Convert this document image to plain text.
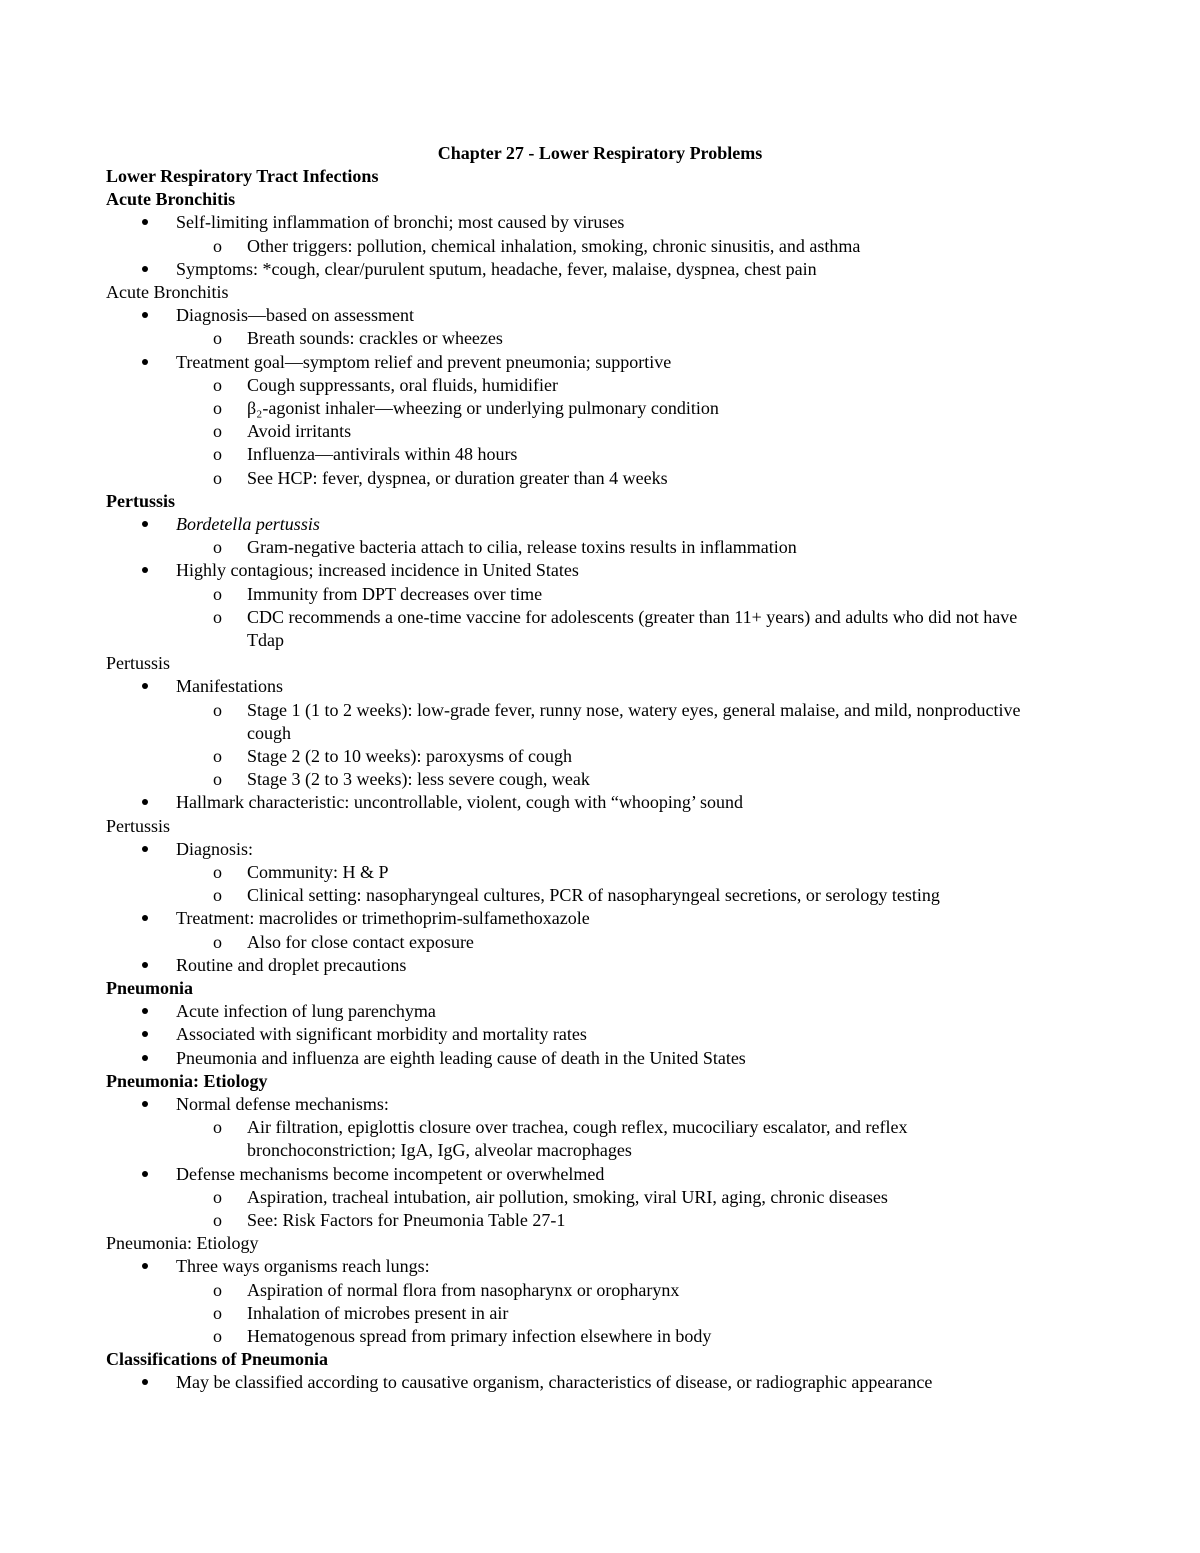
Chapter 27 - Lower Respiratory Problems
Lower Respiratory Tract Infections
Acute Bronchitis
Self-limiting inflammation of bronchi; most caused by viruses
o Other triggers: pollution, chemical inhalation, smoking, chronic sinusitis, and asthma
Symptoms: *cough, clear/purulent sputum, headache, fever, malaise, dyspnea, chest pain
Acute Bronchitis
Diagnosis—based on assessment
o Breath sounds: crackles or wheezes
Treatment goal—symptom relief and prevent pneumonia; supportive
o Cough suppressants, oral fluids, humidifier
o β₂-agonist inhaler—wheezing or underlying pulmonary condition
o Avoid irritants
o Influenza—antivirals within 48 hours
o See HCP: fever, dyspnea, or duration greater than 4 weeks
Pertussis
Bordetella pertussis
o Gram-negative bacteria attach to cilia, release toxins results in inflammation
Highly contagious; increased incidence in United States
o Immunity from DPT decreases over time
o CDC recommends a one-time vaccine for adolescents (greater than 11+ years) and adults who did not have
Tdap
Pertussis
Manifestations
o Stage 1 (1 to 2 weeks): low-grade fever, runny nose, watery eyes, general malaise, and mild, nonproductive
cough
o Stage 2 (2 to 10 weeks): paroxysms of cough
o Stage 3 (2 to 3 weeks): less severe cough, weak
Hallmark characteristic: uncontrollable, violent, cough with “whooping’ sound
Pertussis
Diagnosis:
o Community: H & P
o Clinical setting: nasopharyngeal cultures, PCR of nasopharyngeal secretions, or serology testing
Treatment: macrolides or trimethoprim-sulfamethoxazole
o Also for close contact exposure
Routine and droplet precautions
Pneumonia
Acute infection of lung parenchyma
Associated with significant morbidity and mortality rates
Pneumonia and influenza are eighth leading cause of death in the United States
Pneumonia: Etiology
Normal defense mechanisms:
o Air filtration, epiglottis closure over trachea, cough reflex, mucociliary escalator, and reflex
bronchoconstriction; IgA, IgG, alveolar macrophages
Defense mechanisms become incompetent or overwhelmed
o Aspiration, tracheal intubation, air pollution, smoking, viral URI, aging, chronic diseases
o See: Risk Factors for Pneumonia Table 27-1
Pneumonia: Etiology
Three ways organisms reach lungs:
o Aspiration of normal flora from nasopharynx or oropharynx
o Inhalation of microbes present in air
o Hematogenous spread from primary infection elsewhere in body
Classifications of Pneumonia
May be classified according to causative organism, characteristics of disease, or radiographic appearance
